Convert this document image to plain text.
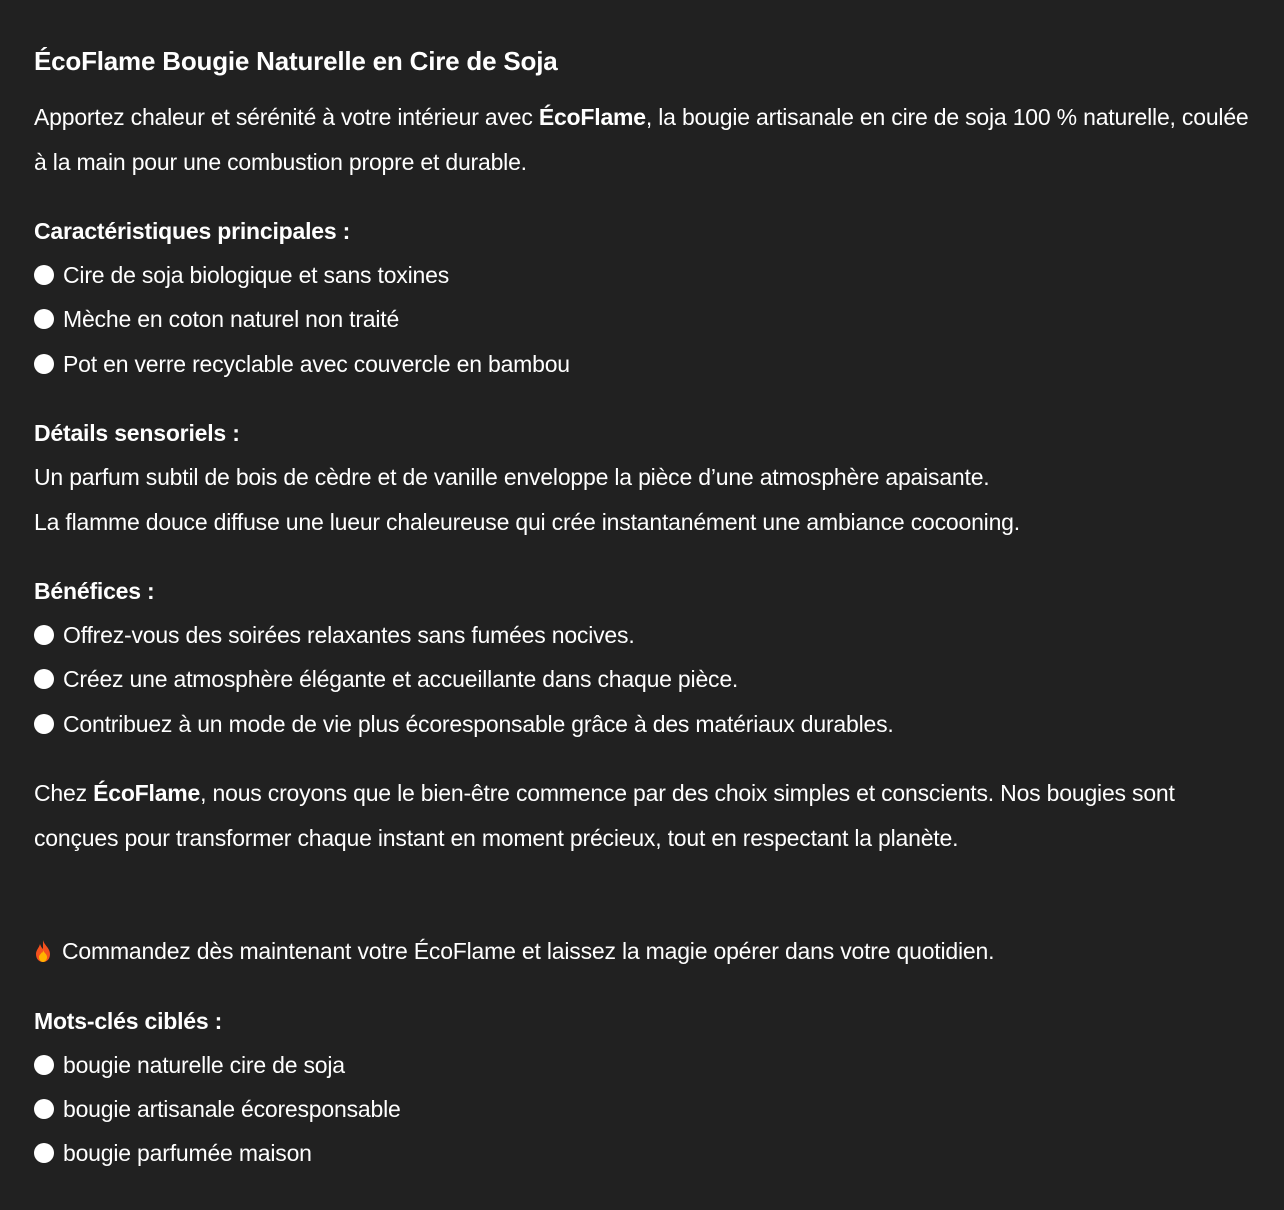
ÉcoFlame Bougie Naturelle en Cire de Soja
Apportez chaleur et sérénité à votre intérieur avec ÉcoFlame, la bougie artisanale en cire de soja 100 % naturelle, coulée à la main pour une combustion propre et durable.
Caractéristiques principales :
Cire de soja biologique et sans toxines
Mèche en coton naturel non traité
Pot en verre recyclable avec couvercle en bambou
Détails sensoriels :
Un parfum subtil de bois de cèdre et de vanille enveloppe la pièce d’une atmosphère apaisante.
La flamme douce diffuse une lueur chaleureuse qui crée instantanément une ambiance cocooning.
Bénéfices :
Offrez-vous des soirées relaxantes sans fumées nocives.
Créez une atmosphère élégante et accueillante dans chaque pièce.
Contribuez à un mode de vie plus écoresponsable grâce à des matériaux durables.
Chez ÉcoFlame, nous croyons que le bien-être commence par des choix simples et conscients. Nos bougies sont conçues pour transformer chaque instant en moment précieux, tout en respectant la planète.
Commandez dès maintenant votre ÉcoFlame et laissez la magie opérer dans votre quotidien.
Mots-clés ciblés :
bougie naturelle cire de soja
bougie artisanale écoresponsable
bougie parfumée maison
